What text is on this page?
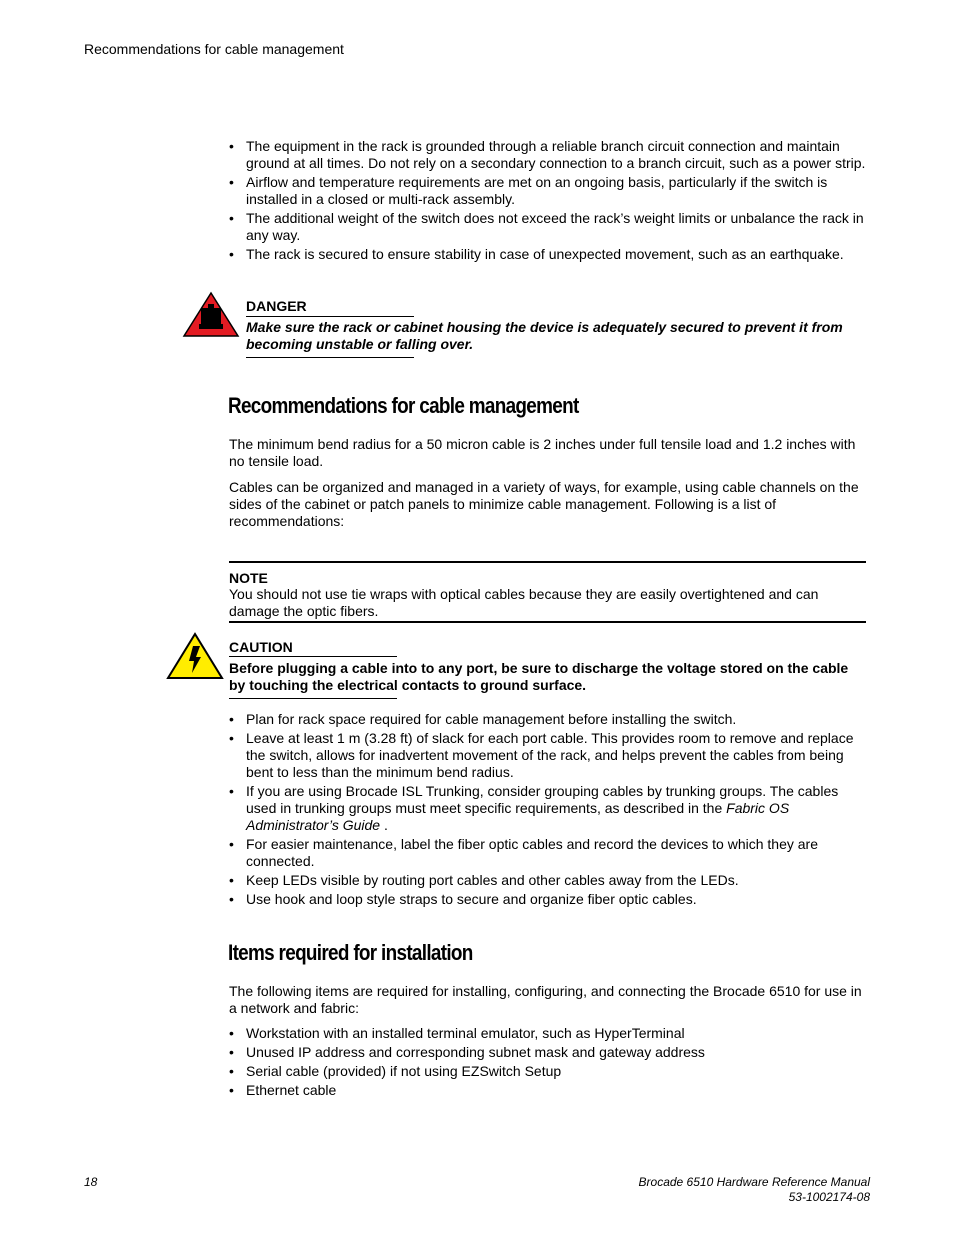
Recommendations for cable management
• The equipment in the rack is grounded through a reliable branch circuit connection and maintain ground at all times. Do not rely on a secondary connection to a branch circuit, such as a power strip.
• Airflow and temperature requirements are met on an ongoing basis, particularly if the switch is installed in a closed or multi-rack assembly.
• The additional weight of the switch does not exceed the rack’s weight limits or unbalance the rack in any way.
• The rack is secured to ensure stability in case of unexpected movement, such as an earthquake.
DANGER
Make sure the rack or cabinet housing the device is adequately secured to prevent it from becoming unstable or falling over.
Recommendations for cable management
The minimum bend radius for a 50 micron cable is 2 inches under full tensile load and 1.2 inches with no tensile load.
Cables can be organized and managed in a variety of ways, for example, using cable channels on the sides of the cabinet or patch panels to minimize cable management. Following is a list of recommendations:
NOTE
You should not use tie wraps with optical cables because they are easily overtightened and can damage the optic fibers.
CAUTION
Before plugging a cable into to any port, be sure to discharge the voltage stored on the cable by touching the electrical contacts to ground surface.
• Plan for rack space required for cable management before installing the switch.
• Leave at least 1 m (3.28 ft) of slack for each port cable. This provides room to remove and replace the switch, allows for inadvertent movement of the rack, and helps prevent the cables from being bent to less than the minimum bend radius.
• If you are using Brocade ISL Trunking, consider grouping cables by trunking groups. The cables used in trunking groups must meet specific requirements, as described in the Fabric OS Administrator’s Guide .
• For easier maintenance, label the fiber optic cables and record the devices to which they are connected.
• Keep LEDs visible by routing port cables and other cables away from the LEDs.
• Use hook and loop style straps to secure and organize fiber optic cables.
Items required for installation
The following items are required for installing, configuring, and connecting the Brocade 6510 for use in a network and fabric:
• Workstation with an installed terminal emulator, such as HyperTerminal
• Unused IP address and corresponding subnet mask and gateway address
• Serial cable (provided) if not using EZSwitch Setup
• Ethernet cable
18	Brocade 6510 Hardware Reference Manual
53-1002174-08
